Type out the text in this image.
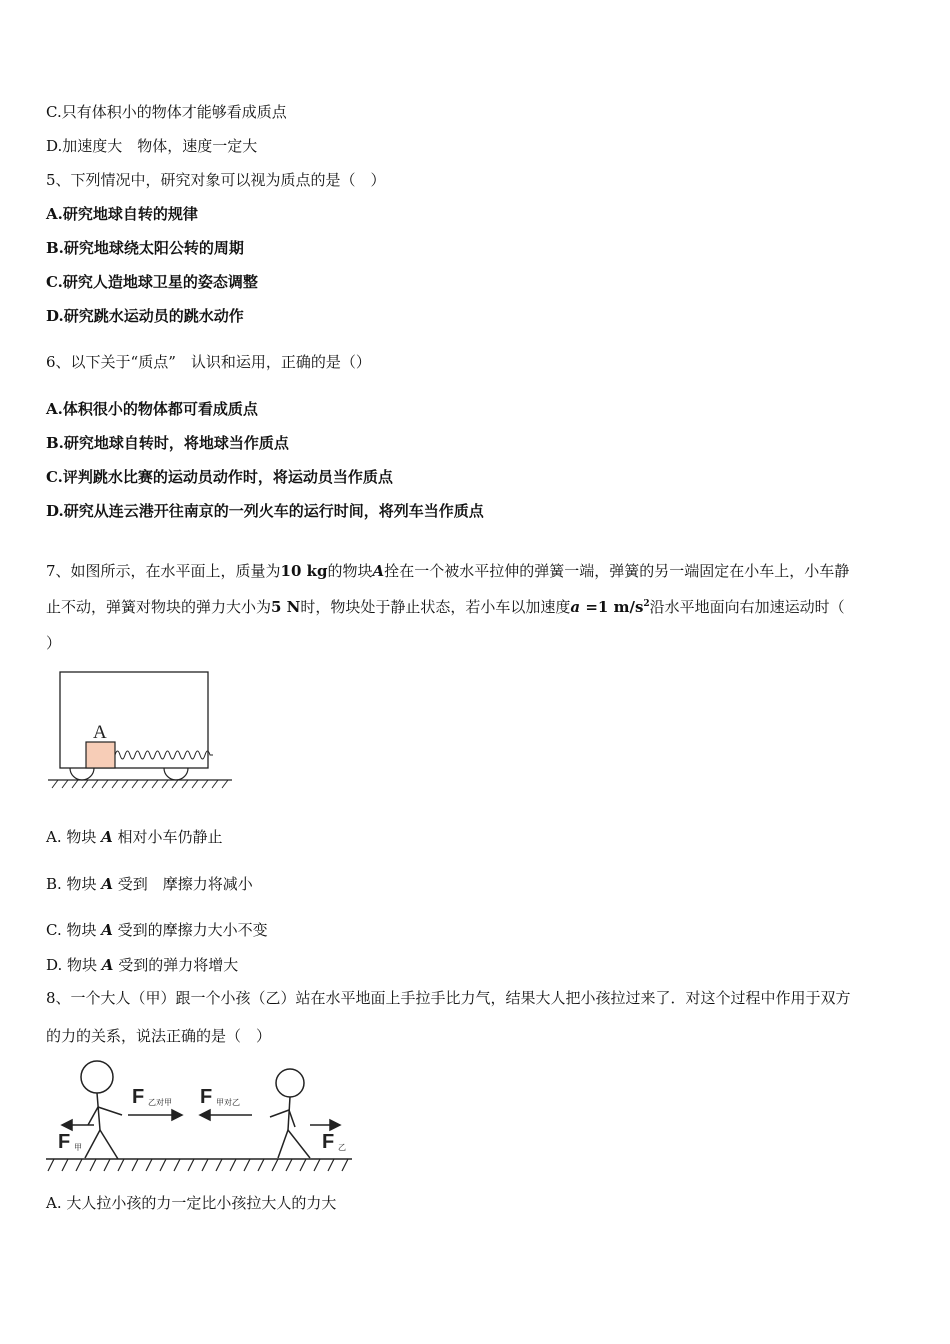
C.只有体积小的物体才能够看成质点
D.加速度大　物体，速度一定大
5、下列情况中，研究对象可以视为质点的是（　）
A.研究地球自转的规律
B.研究地球绕太阳公转的周期
C.研究人造地球卫星的姿态调整
D.研究跳水运动员的跳水动作
6、以下关于“质点”　认识和运用，正确的是（）
A.体积很小的物体都可看成质点
B.研究地球自转时，将地球当作质点
C.评判跳水比赛的运动员动作时，将运动员当作质点
D.研究从连云港开往南京的一列火车的运行时间，将列车当作质点
7、如图所示，在水平面上，质量为10 kg的物块A拴在一个被水平拉伸的弹簧一端，弹簧的另一端固定在小车上，小车静
止不动，弹簧对物块的弹力大小为5 N时，物块处于静止状态，若小车以加速度a =1 $m/s^2$沿水平地面向右加速运动时（
）
A
A. 物块 A 相对小车仍静止
B. 物块 A 受到　摩擦力将减小
C. 物块 A 受到的摩擦力大小不变
D. 物块 A 受到的弹力将增大
8、一个大人（甲）跟一个小孩（乙）站在水平地面上手拉手比力气，结果大人把小孩拉过来了．对这个过程中作用于双方
的力的关系，说法正确的是（　）
F 乙对甲 F 甲对乙
F 甲	F 乙
A. 大人拉小孩的力一定比小孩拉大人的力大
